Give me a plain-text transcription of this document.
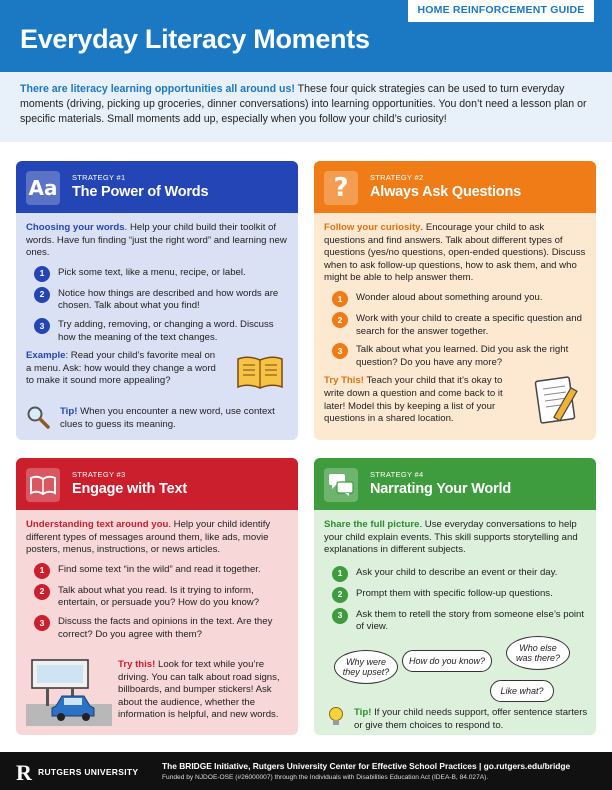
HOME REINFORCEMENT GUIDE
Everyday Literacy Moments
There are literacy learning opportunities all around us! These four quick strategies can be used to turn everyday moments (driving, picking up groceries, dinner conversations) into learning opportunities. You don’t need a lesson plan or specific materials. Small moments add up, especially when you follow your child’s curiosity!
Aa STRATEGY #1
The Power of Words

Choosing your words. Help your child build their toolkit of words. Have fun finding “just the right word” and learning new ones.

1	Pick some text, like a menu, recipe, or label.
2	Notice how things are described and how words are chosen. Talk about what you find!
3	Try adding, removing, or changing a word. Discuss how the meaning of the text changes.

Example: Read your child’s favorite meal on a menu. Ask: how would they change a word to make it sound more appealing?

Tip! When you encounter a new word, use context clues to guess its meaning.

?	STRATEGY #2
Always Ask Questions

Follow your curiosity. Encourage your child to ask questions and find answers. Talk about different types of questions (yes/no questions, open-ended questions). Discuss when to ask follow-up questions, how to ask them, and who might be able to help answer them.

1	Wonder aloud about something around you.
2	Work with your child to create a specific question and search for the answer together.
3	Talk about what you learned. Did you ask the right question? Do you have any more?

Try This! Teach your child that it’s okay to write down a question and come back to it later! Model this by keeping a list of your questions in a shared location.

STRATEGY #3
Engage with Text

Understanding text around you. Help your child identify different types of messages around them, like ads, movie posters, menus, instructions, or news articles.

1	Find some text “in the wild” and read it together.
2	Talk about what you read. Is it trying to inform, entertain, or persuade you? How do you know?
3	Discuss the facts and opinions in the text. Are they correct? Do you agree with them?

Try this! Look for text while you’re driving. You can talk about road signs, billboards, and bumper stickers! Ask about the audience, whether the information is helpful, and new words.

STRATEGY #4
Narrating Your World

Share the full picture. Use everyday conversations to help your child explain events. This skill supports storytelling and explanations in different subjects.

1	Ask your child to describe an event or their day.
2	Prompt them with specific follow-up questions.
3	Ask them to retell the story from someone else’s point of view.
Why were they upset?
How do you know?
Who else was there?
Like what?

Tip! If your child needs support, offer sentence starters or give them choices to respond to.

R RUTGERS UNIVERSITY
The BRIDGE Initiative, Rutgers University Center for Effective School Practices | go.rutgers.edu/bridge
Funded by NJDOE-OSE (#26000007) through the Individuals with Disabilities Education Act (IDEA-B, 84.027A).
